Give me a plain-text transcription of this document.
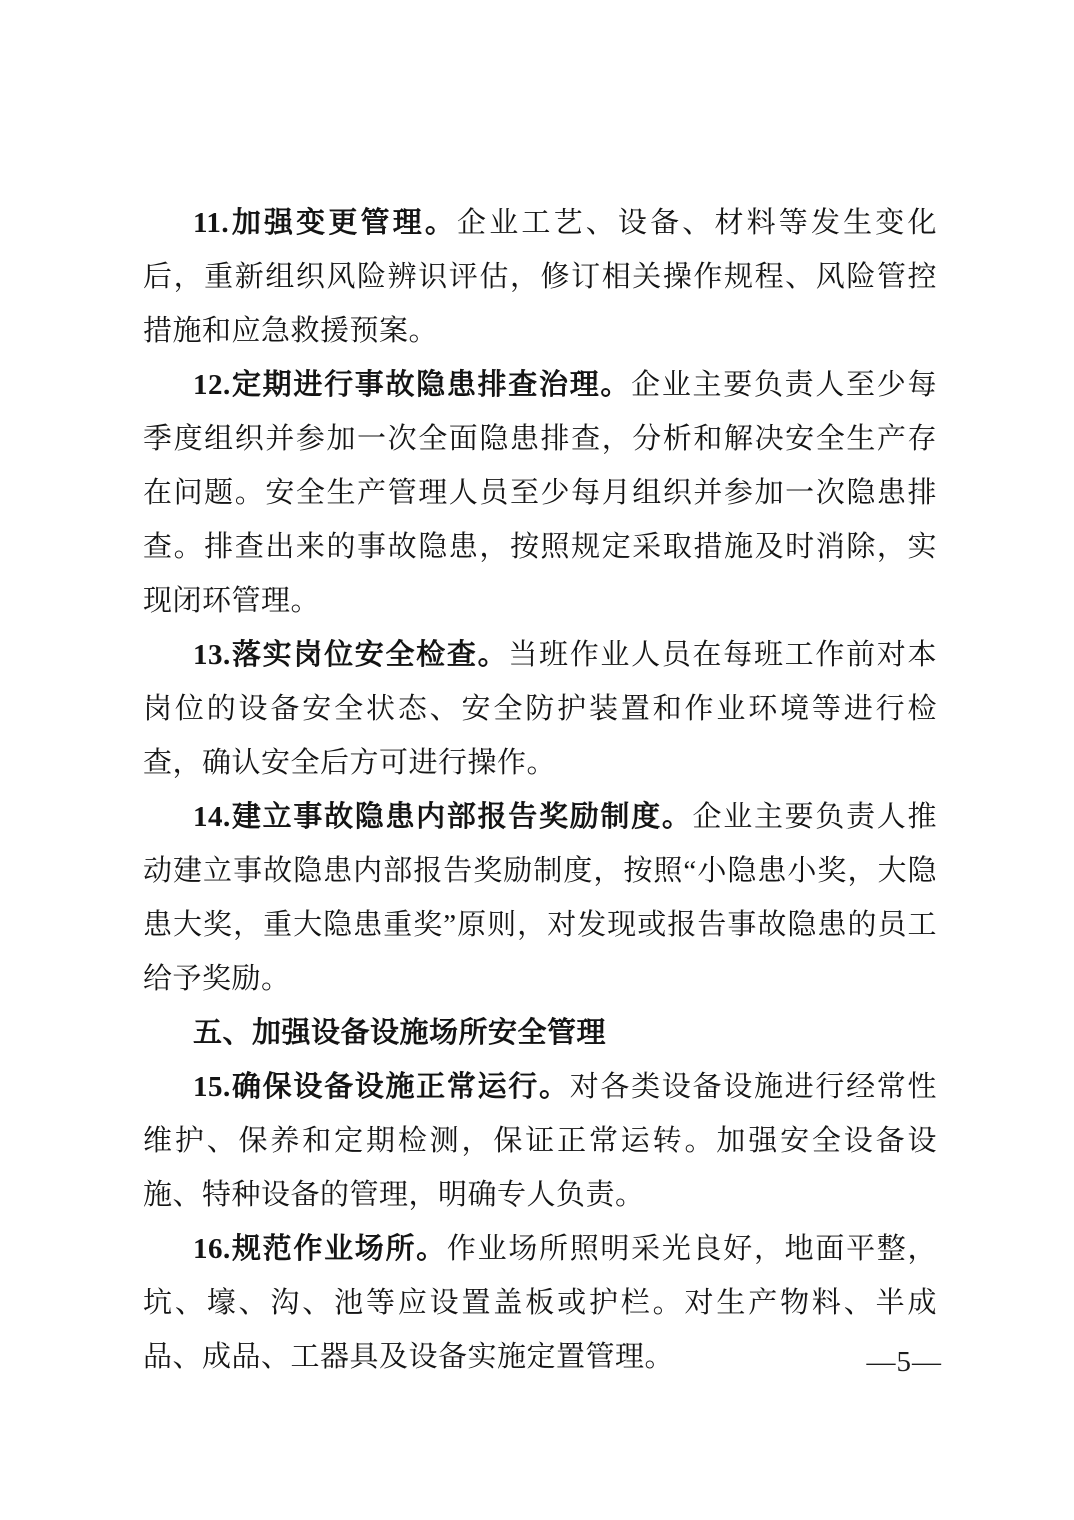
11.加强变更管理。企业工艺、设备、材料等发生变化后，重新组织风险辨识评估，修订相关操作规程、风险管控措施和应急救援预案。

12.定期进行事故隐患排查治理。企业主要负责人至少每季度组织并参加一次全面隐患排查，分析和解决安全生产存在问题。安全生产管理人员至少每月组织并参加一次隐患排查。排查出来的事故隐患，按照规定采取措施及时消除，实现闭环管理。

13.落实岗位安全检查。当班作业人员在每班工作前对本岗位的设备安全状态、安全防护装置和作业环境等进行检查，确认安全后方可进行操作。

14.建立事故隐患内部报告奖励制度。企业主要负责人推动建立事故隐患内部报告奖励制度，按照“小隐患小奖，大隐患大奖，重大隐患重奖”原则，对发现或报告事故隐患的员工给予奖励。

五、加强设备设施场所安全管理

15.确保设备设施正常运行。对各类设备设施进行经常性维护、保养和定期检测，保证正常运转。加强安全设备设施、特种设备的管理，明确专人负责。

16.规范作业场所。作业场所照明采光良好，地面平整，坑、壕、沟、池等应设置盖板或护栏。对生产物料、半成品、成品、工器具及设备实施定置管理。	—5—
